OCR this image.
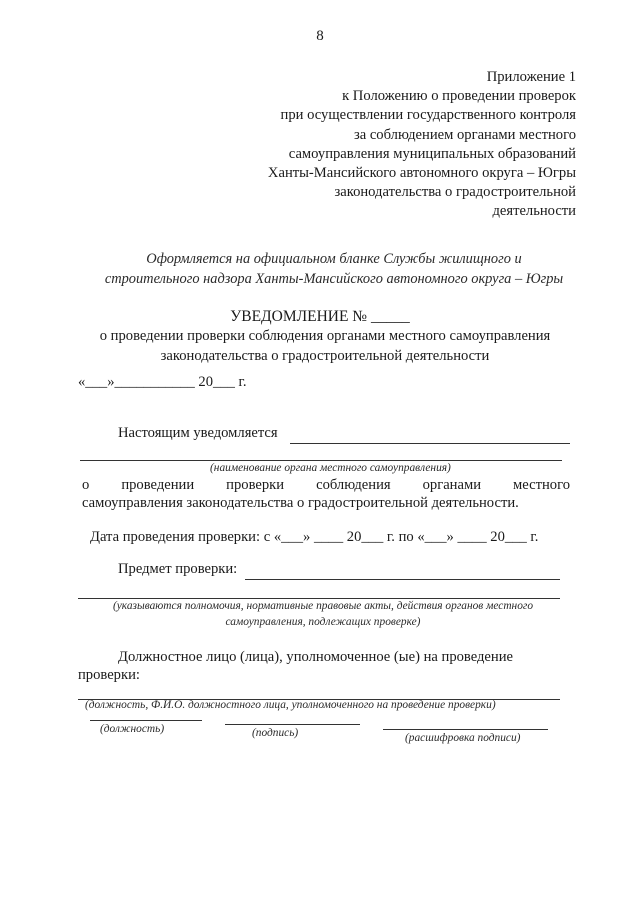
8
Приложение 1
к Положению о проведении проверок
при осуществлении государственного контроля
за соблюдением органами местного
самоуправления муниципальных образований
Ханты-Мансийского автономного округа – Югры
законодательства о градостроительной
деятельности
Оформляется на официальном бланке Службы жилищного и
строительного надзора Ханты-Мансийского автономного округа – Югры
УВЕДОМЛЕНИЕ № _____
о проведении проверки соблюдения органами местного самоуправления
законодательства о градостроительной деятельности
«___»___________ 20___ г.
Настоящим уведомляется
(наименование органа местного самоуправления)
о проведении проверки соблюдения органами местного
самоуправления законодательства о градостроительной деятельности.
Дата проведения проверки: с «___» ____ 20___ г. по «___» ____ 20___ г.
Предмет проверки:
(указываются полномочия, нормативные правовые акты, действия органов местного
самоуправления, подлежащих проверке)
Должностное лицо (лица), уполномоченное (ые) на проведение
проверки:
(должность, Ф.И.О. должностного лица, уполномоченного на проведение проверки)
(должность)	(подпись)	(расшифровка подписи)
